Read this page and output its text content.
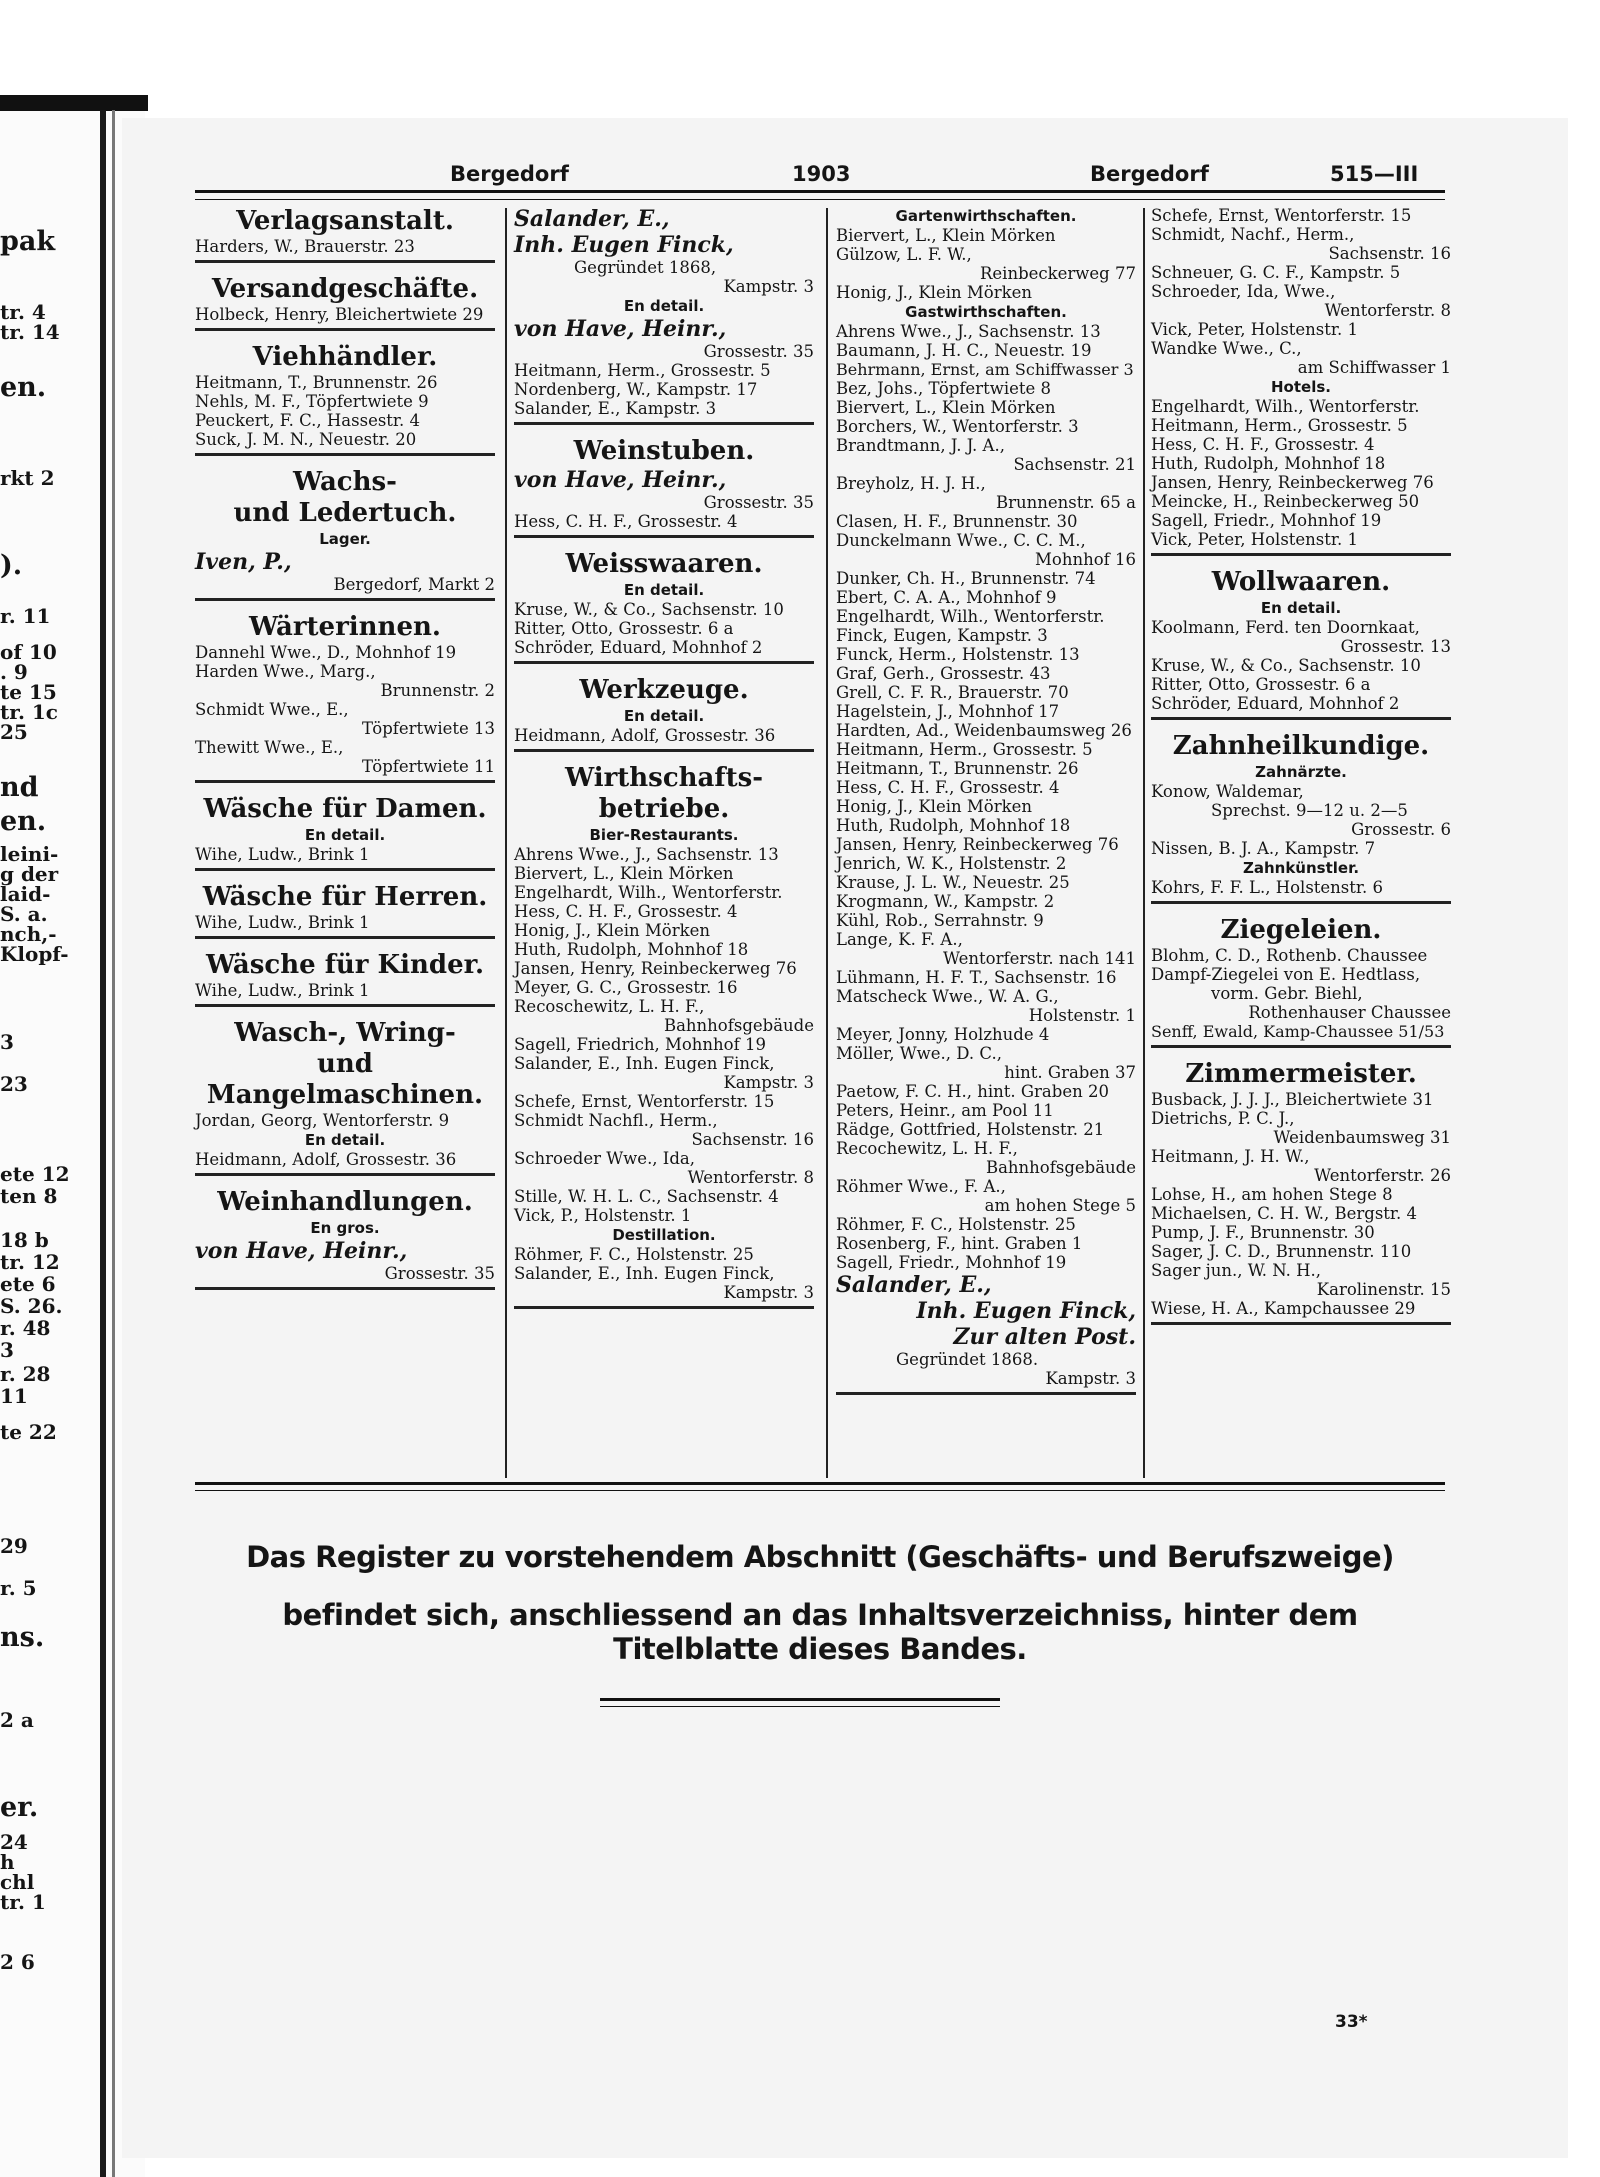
pak
tr. 4
tr. 14
en.
rkt 2
).
r. 11
of 10
. 9
te 15
tr. 1c
25
nd
en.
leini-
g der
laid-
S. a.
nch,-
Klopf-
3
23
ete 12
ten 8
18 b
tr. 12
ete 6
S. 26.
r. 48
3
r. 28
11
te 22
29
r. 5
ns.
2 a
er.
24
h
chl
tr. 1
2 6
Bergedorf	1903	Bergedorf	515—III
Verlagsanstalt.
Harders, W., Brauerstr. 23
Versandgeschäfte.
Holbeck, Henry, Bleichertwiete 29
Viehhändler.
Heitmann, T., Brunnenstr. 26
Nehls, M. F., Töpfertwiete 9
Peuckert, F. C., Hassestr. 4
Suck, J. M. N., Neuestr. 20
Wachs-
und Ledertuch.
Lager.
Iven, P.,
Bergedorf, Markt 2
Wärterinnen.
Dannehl Wwe., D., Mohnhof 19
Harden Wwe., Marg.,
Brunnenstr. 2
Schmidt Wwe., E.,
Töpfertwiete 13
Thewitt Wwe., E.,
Töpfertwiete 11
Wäsche für Damen.
En detail.
Wihe, Ludw., Brink 1
Wäsche für Herren.
Wihe, Ludw., Brink 1
Wäsche für Kinder.
Wihe, Ludw., Brink 1
Wasch-, Wring-
und
Mangelmaschinen.
Jordan, Georg, Wentorferstr. 9
En detail.
Heidmann, Adolf, Grossestr. 36
Weinhandlungen.
En gros.
von Have, Heinr.,
Grossestr. 35
Salander, E.,
Inh. Eugen Finck,
Gegründet 1868,
Kampstr. 3
En detail.
von Have, Heinr.,
Grossestr. 35
Heitmann, Herm., Grossestr. 5
Nordenberg, W., Kampstr. 17
Salander, E., Kampstr. 3
Weinstuben.
von Have, Heinr.,
Grossestr. 35
Hess, C. H. F., Grossestr. 4
Weisswaaren.
En detail.
Kruse, W., & Co., Sachsenstr. 10
Ritter, Otto, Grossestr. 6 a
Schröder, Eduard, Mohnhof 2
Werkzeuge.
En detail.
Heidmann, Adolf, Grossestr. 36
Wirthschafts-
betriebe.
Bier-Restaurants.
Ahrens Wwe., J., Sachsenstr. 13
Biervert, L., Klein Mörken
Engelhardt, Wilh., Wentorferstr.
Hess, C. H. F., Grossestr. 4
Honig, J., Klein Mörken
Huth, Rudolph, Mohnhof 18
Jansen, Henry, Reinbeckerweg 76
Meyer, G. C., Grossestr. 16
Recoschewitz, L. H. F.,
Bahnhofsgebäude
Sagell, Friedrich, Mohnhof 19
Salander, E., Inh. Eugen Finck,
Kampstr. 3
Schefe, Ernst, Wentorferstr. 15
Schmidt Nachfl., Herm.,
Sachsenstr. 16
Schroeder Wwe., Ida,
Wentorferstr. 8
Stille, W. H. L. C., Sachsenstr. 4
Vick, P., Holstenstr. 1
Destillation.
Röhmer, F. C., Holstenstr. 25
Salander, E., Inh. Eugen Finck,
Kampstr. 3
Gartenwirthschaften.
Biervert, L., Klein Mörken
Gülzow, L. F. W.,
Reinbeckerweg 77
Honig, J., Klein Mörken
Gastwirthschaften.
Ahrens Wwe., J., Sachsenstr. 13
Baumann, J. H. C., Neuestr. 19
Behrmann, Ernst, am Schiffwasser 3
Bez, Johs., Töpfertwiete 8
Biervert, L., Klein Mörken
Borchers, W., Wentorferstr. 3
Brandtmann, J. J. A.,
Sachsenstr. 21
Breyholz, H. J. H.,
Brunnenstr. 65 a
Clasen, H. F., Brunnenstr. 30
Dunckelmann Wwe., C. C. M.,
Mohnhof 16
Dunker, Ch. H., Brunnenstr. 74
Ebert, C. A. A., Mohnhof 9
Engelhardt, Wilh., Wentorferstr.
Finck, Eugen, Kampstr. 3
Funck, Herm., Holstenstr. 13
Graf, Gerh., Grossestr. 43
Grell, C. F. R., Brauerstr. 70
Hagelstein, J., Mohnhof 17
Hardten, Ad., Weidenbaumsweg 26
Heitmann, Herm., Grossestr. 5
Heitmann, T., Brunnenstr. 26
Hess, C. H. F., Grossestr. 4
Honig, J., Klein Mörken
Huth, Rudolph, Mohnhof 18
Jansen, Henry, Reinbeckerweg 76
Jenrich, W. K., Holstenstr. 2
Krause, J. L. W., Neuestr. 25
Krogmann, W., Kampstr. 2
Kühl, Rob., Serrahnstr. 9
Lange, K. F. A.,
Wentorferstr. nach 141
Lühmann, H. F. T., Sachsenstr. 16
Matscheck Wwe., W. A. G.,
Holstenstr. 1
Meyer, Jonny, Holzhude 4
Möller, Wwe., D. C.,
hint. Graben 37
Paetow, F. C. H., hint. Graben 20
Peters, Heinr., am Pool 11
Rädge, Gottfried, Holstenstr. 21
Recochewitz, L. H. F.,
Bahnhofsgebäude
Röhmer Wwe., F. A.,
am hohen Stege 5
Röhmer, F. C., Holstenstr. 25
Rosenberg, F., hint. Graben 1
Sagell, Friedr., Mohnhof 19
Salander, E.,
Inh. Eugen Finck,
Zur alten Post.
Gegründet 1868.
Kampstr. 3
Schefe, Ernst, Wentorferstr. 15
Schmidt, Nachf., Herm.,
Sachsenstr. 16
Schneuer, G. C. F., Kampstr. 5
Schroeder, Ida, Wwe.,
Wentorferstr. 8
Vick, Peter, Holstenstr. 1
Wandke Wwe., C.,
am Schiffwasser 1
Hotels.
Engelhardt, Wilh., Wentorferstr.
Heitmann, Herm., Grossestr. 5
Hess, C. H. F., Grossestr. 4
Huth, Rudolph, Mohnhof 18
Jansen, Henry, Reinbeckerweg 76
Meincke, H., Reinbeckerweg 50
Sagell, Friedr., Mohnhof 19
Vick, Peter, Holstenstr. 1
Wollwaaren.
En detail.
Koolmann, Ferd. ten Doornkaat,
Grossestr. 13
Kruse, W., & Co., Sachsenstr. 10
Ritter, Otto, Grossestr. 6 a
Schröder, Eduard, Mohnhof 2
Zahnheilkundige.
Zahnärzte.
Konow, Waldemar,
Sprechst. 9—12 u. 2—5
Grossestr. 6
Nissen, B. J. A., Kampstr. 7
Zahnkünstler.
Kohrs, F. F. L., Holstenstr. 6
Ziegeleien.
Blohm, C. D., Rothenb. Chaussee
Dampf-Ziegelei von E. Hedtlass,
vorm. Gebr. Biehl,
Rothenhauser Chaussee
Senff, Ewald, Kamp-Chaussee 51/53
Zimmermeister.
Busback, J. J. J., Bleichertwiete 31
Dietrichs, P. C. J.,
Weidenbaumsweg 31
Heitmann, J. H. W.,
Wentorferstr. 26
Lohse, H., am hohen Stege 8
Michaelsen, C. H. W., Bergstr. 4
Pump, J. F., Brunnenstr. 30
Sager, J. C. D., Brunnenstr. 110
Sager jun., W. N. H.,
Karolinenstr. 15
Wiese, H. A., Kampchaussee 29
Das Register zu vorstehendem Abschnitt (Geschäfts- und Berufszweige)
befindet sich, anschliessend an das Inhaltsverzeichniss, hinter dem Titelblatte dieses Bandes.
33*
